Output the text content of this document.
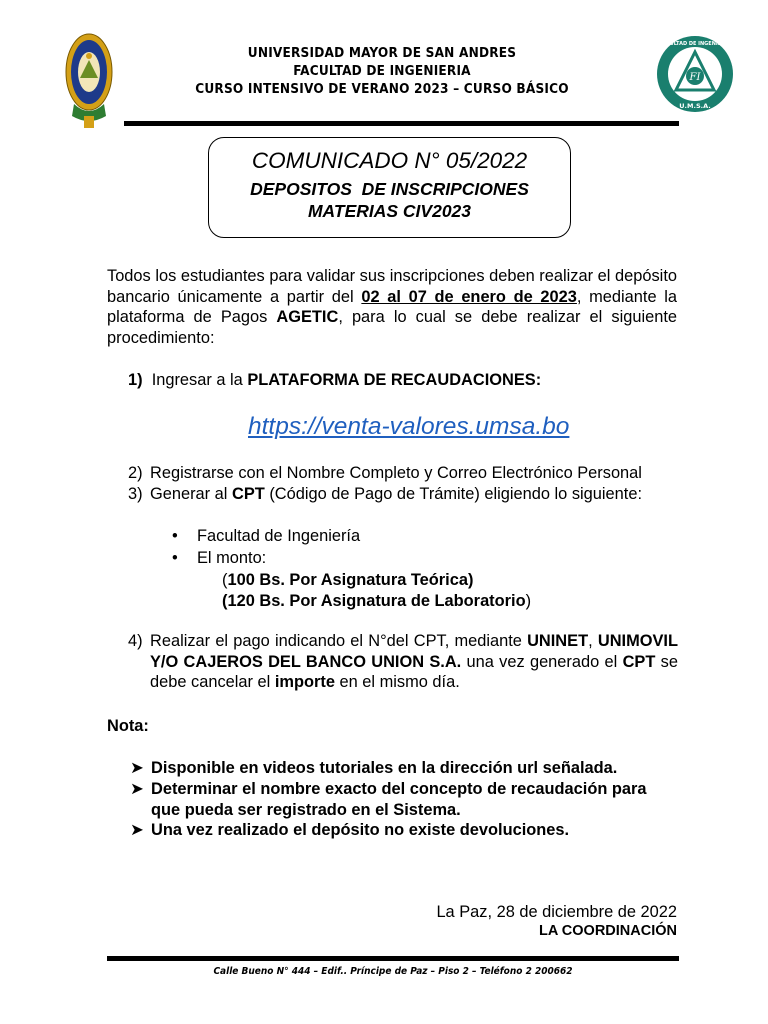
UNIVERSIDAD MAYOR DE SAN ANDRES
FACULTAD DE INGENIERIA
CURSO INTENSIVO DE VERANO 2023 – CURSO BÁSICO
FI
U.M.S.A.
FACULTAD DE INGENIERIA
COMUNICADO N° 05/2022
DEPOSITOS  DE INSCRIPCIONES
MATERIAS CIV2023
Todos los estudiantes para validar sus inscripciones deben realizar el depósito bancario únicamente a partir del 02 al 07 de enero de 2023, mediante la plataforma de Pagos AGETIC, para lo cual se debe realizar el siguiente procedimiento:
1) Ingresar a la PLATAFORMA DE RECAUDACIONES:
https://venta-valores.umsa.bo
2) Registrarse con el Nombre Completo y Correo Electrónico Personal
3) Generar al CPT (Código de Pago de Trámite) eligiendo lo siguiente:
• Facultad de Ingeniería
• El monto:
(100 Bs. Por Asignatura Teórica)
(120 Bs. Por Asignatura de Laboratorio)
4) Realizar el pago indicando el N°del CPT, mediante UNINET, UNIMOVIL Y/O CAJEROS DEL BANCO UNION S.A. una vez generado el CPT se debe cancelar el importe en el mismo día.
Nota:
➤ Disponible en videos tutoriales en la dirección url señalada.
➤ Determinar el nombre exacto del concepto de recaudación para que pueda ser registrado en el Sistema.
➤ Una vez realizado el depósito no existe devoluciones.
La Paz, 28 de diciembre de 2022
LA COORDINACIÓN
Calle Bueno N° 444 – Edif.. Príncipe de Paz – Piso 2 – Teléfono 2 200662
